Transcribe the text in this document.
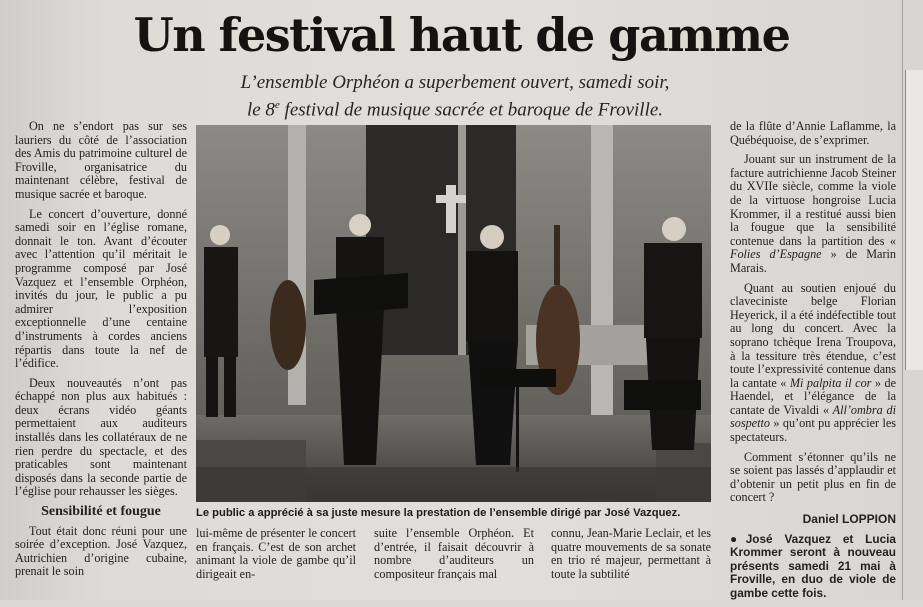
Un festival haut de gamme
L’ensemble Orphéon a superbement ouvert, samedi soir,
le 8e festival de musique sacrée et baroque de Froville.

On ne s’endort pas sur ses lauriers du côté de l’association des Amis du patrimoine culturel de Froville, organisatrice du maintenant célèbre, festival de musique sacrée et baroque.

Le concert d’ouverture, donné samedi soir en l’église romane, donnait le ton. Avant d’écouter avec l’attention qu’il méritait le programme composé par José Vazquez et l’ensemble Orphéon, invités du jour, le public a pu admirer l’exposition exceptionnelle d’une centaine d’instruments à cordes anciens répartis dans toute la nef de l’édifice.

Deux nouveautés n’ont pas échappé non plus aux habitués : deux écrans vidéo géants permettaient aux auditeurs installés dans les collatéraux de ne rien perdre du spectacle, et des praticables sont maintenant disposés dans la seconde partie de l’église pour rehausser les sièges.

Sensibilité et fougue

Tout était donc réuni pour une soirée d’exception. José Vazquez, Autrichien d’origine cubaine, prenait le soin

Le public a apprécié à sa juste mesure la prestation de l’ensemble dirigé par José Vazquez.

lui-même de présenter le concert en français. C’est de son archet animant la viole de gambe qu’il dirigeait en-

suite l’ensemble Orphéon. Et d’entrée, il faisait découvrir à nombre d’auditeurs un compositeur français mal

connu, Jean-Marie Leclair, et les quatre mouvements de sa sonate en trio ré majeur, permettant à toute la subtilité

de la flûte d’Annie Laflamme, la Québéquoise, de s’exprimer.

Jouant sur un instrument de la facture autrichienne Jacob Steiner du XVIIe siècle, comme la viole de la virtuose hongroise Lucia Krommer, il a restitué aussi bien la fougue que la sensibilité contenue dans la partition des « Folies d’Espagne » de Marin Marais.

Quant au soutien enjoué du claveciniste belge Florian Heyerick, il a été indéfectible tout au long du concert. Avec la soprano tchèque Irena Troupova, à la tessiture très étendue, c’est toute l’expressivité contenue dans la cantate « Mi palpita il cor » de Haendel, et l’élégance de la cantate de Vivaldi « All’ombra di sospetto » qu’ont pu apprécier les spectateurs.

Comment s’étonner qu’ils ne se soient pas lassés d’applaudir et d’obtenir un petit plus en fin de concert ?

Daniel LOPPION

●José Vazquez et Lucia Krommer seront à nouveau présents samedi 21 mai à Froville, en duo de viole de gambe cette fois.
